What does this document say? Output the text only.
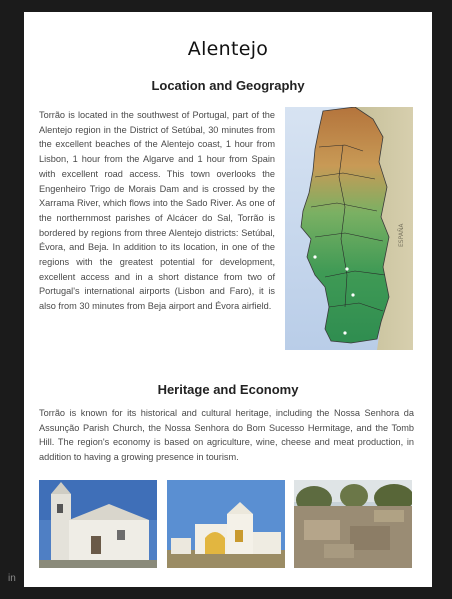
Alentejo
Location and Geography

Torrão is located in the southwest of Portugal, part of the Alentejo region in the District of Setúbal, 30 minutes from the excellent beaches of the Alentejo coast, 1 hour from Lisbon, 1 hour from the Algarve and 1 hour from Spain with excellent road access. This town overlooks the Engenheiro Trigo de Morais Dam and is crossed by the Xarrama River, which flows into the Sado River. As one of the northernmost parishes of Alcácer do Sal, Torrão is bordered by regions from three Alentejo districts: Setúbal, Évora, and Beja. In addition to its location, in one of the regions with the greatest potential for development, excellent access and in a short distance from two of Portugal's international airports (Lisbon and Faro), it is also from 30 minutes from Beja airport and Évora airfield.

ESPAÑA
Heritage and Economy

Torrão is known for its historical and cultural heritage, including the Nossa Senhora da Assunção Parish Church, the Nossa Senhora do Bom Sucesso Hermitage, and the Tomb Hill. The region's economy is based on agriculture, wine, cheese and meat production, in addition to having a growing presence in tourism.

in
